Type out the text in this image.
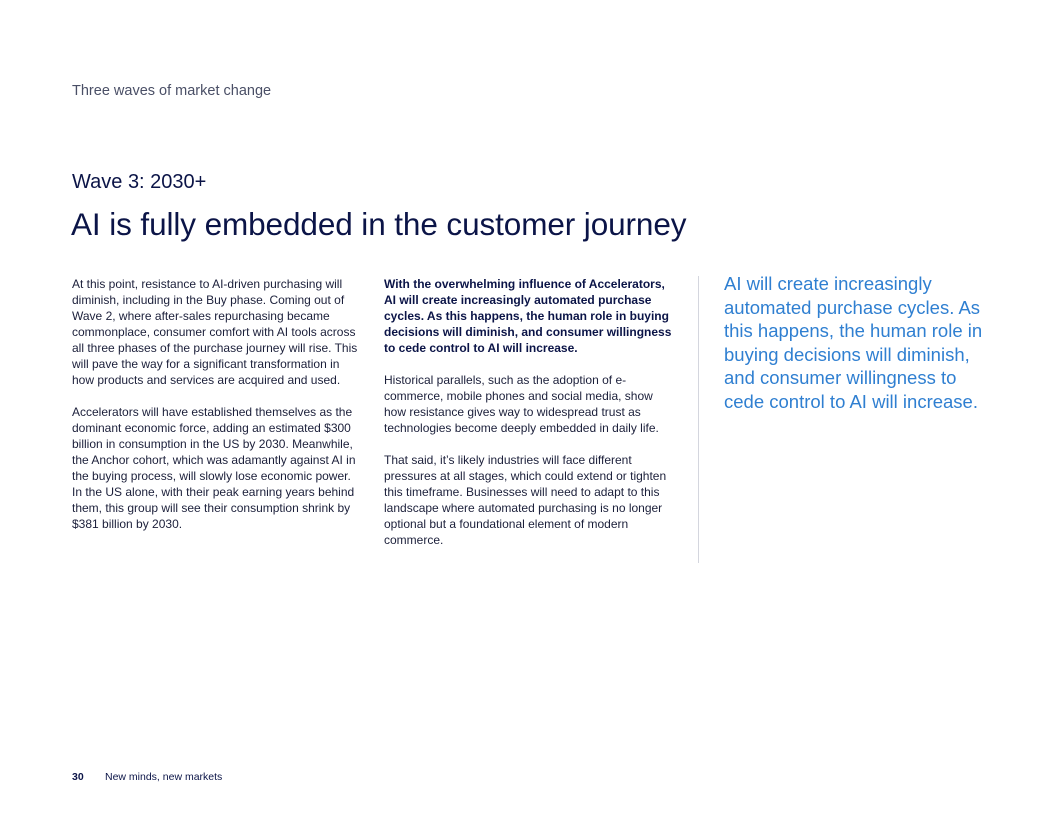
Three waves of market change
Wave 3: 2030+
AI is fully embedded in the customer journey

At this point, resistance to AI-driven purchasing will diminish, including in the Buy phase. Coming out of Wave 2, where after-sales repurchasing became commonplace, consumer comfort with AI tools across all three phases of the purchase journey will rise. This will pave the way for a significant transformation in how products and services are acquired and used.

Accelerators will have established themselves as the dominant economic force, adding an estimated $300 billion in consumption in the US by 2030. Meanwhile, the Anchor cohort, which was adamantly against AI in the buying process, will slowly lose economic power. In the US alone, with their peak earning years behind them, this group will see their consumption shrink by $381 billion by 2030.

With the overwhelming influence of Accelerators, AI will create increasingly automated purchase cycles. As this happens, the human role in buying decisions will diminish, and consumer willingness to cede control to AI will increase.

Historical parallels, such as the adoption of e-commerce, mobile phones and social media, show how resistance gives way to widespread trust as technologies become deeply embedded in daily life.

That said, it’s likely industries will face different pressures at all stages, which could extend or tighten this timeframe. Businesses will need to adapt to this landscape where automated purchasing is no longer optional but a foundational element of modern commerce.

AI will create increasingly automated purchase cycles. As this happens, the human role in buying decisions will diminish, and consumer willingness to cede control to AI will increase.

30 New minds, new markets
